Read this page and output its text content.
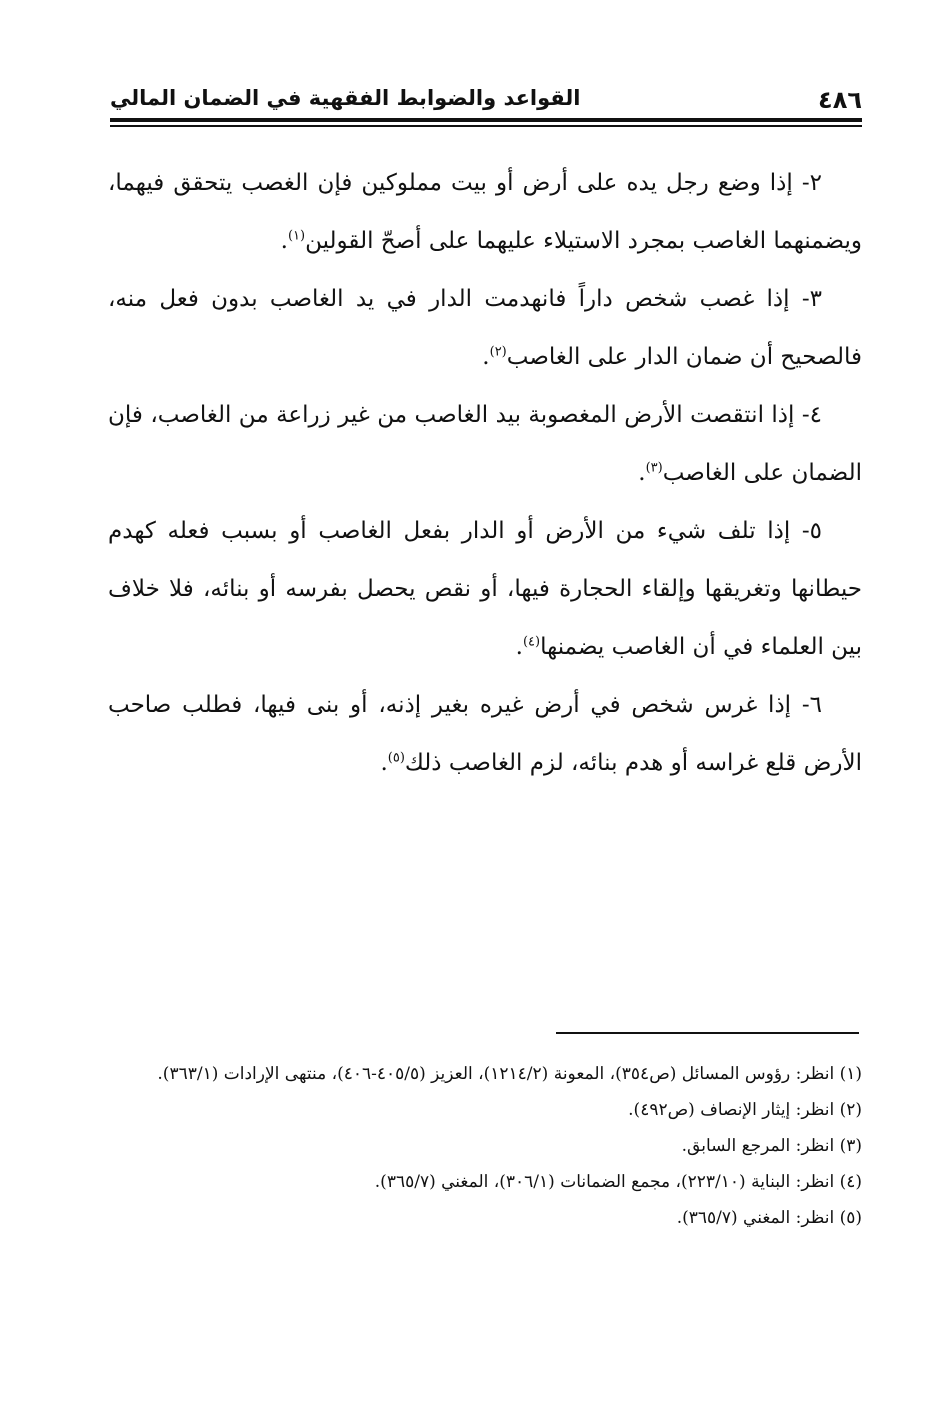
٤٨٦
القواعد والضوابط الفقهية في الضمان المالي

٢- إذا وضع رجل يده على أرض أو بيت مملوكين فإن الغصب يتحقق فيهما، ويضمنهما الغاصب بمجرد الاستيلاء عليهما على أصحّ القولين$^{(١)}$.

٣- إذا غصب شخص داراً فانهدمت الدار في يد الغاصب بدون فعل منه، فالصحيح أن ضمان الدار على الغاصب$^{(٢)}$.

٤- إذا انتقصت الأرض المغصوبة بيد الغاصب من غير زراعة من الغاصب، فإن الضمان على الغاصب$^{(٣)}$.

٥- إذا تلف شيء من الأرض أو الدار بفعل الغاصب أو بسبب فعله كهدم حيطانها وتغريقها وإلقاء الحجارة فيها، أو نقص يحصل بفرسه أو بنائه، فلا خلاف بين العلماء في أن الغاصب يضمنها$^{(٤)}$.

٦- إذا غرس شخص في أرض غيره بغير إذنه، أو بنى فيها، فطلب صاحب الأرض قلع غراسه أو هدم بنائه، لزم الغاصب ذلك$^{(٥)}$.

(١) انظر: رؤوس المسائل (ص٣٥٤)، المعونة (١٢١٤/٢)، العزيز (٤٠٥/٥-٤٠٦)، منتهى الإرادات (٣٦٣/١).

(٢) انظر: إيثار الإنصاف (ص٤٩٢).

(٣) انظر: المرجع السابق.

(٤) انظر: البناية (٢٢٣/١٠)، مجمع الضمانات (٣٠٦/١)، المغني (٣٦٥/٧).

(٥) انظر: المغني (٣٦٥/٧).
